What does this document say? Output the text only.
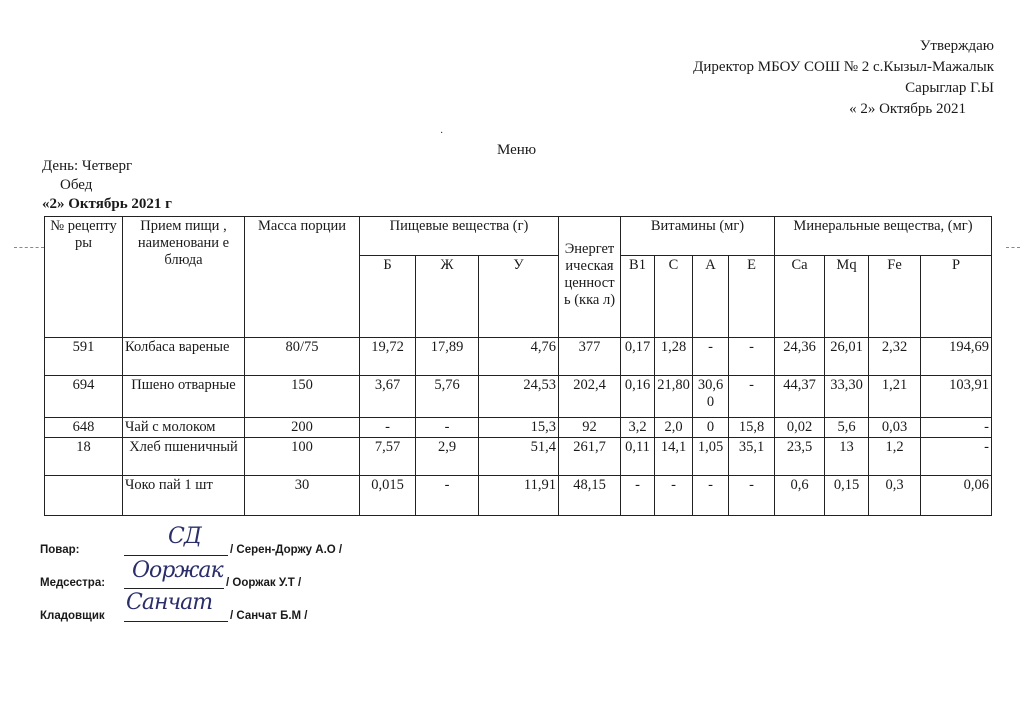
Утверждаю
Директор МБОУ СОШ № 2 с.Кызыл-Мажалык
Сарыглар Г.Ы
« 2» Октябрь 2021
·
Меню
День: Четверг
Обед
«2» Октябрь 2021 г
№ рецепту ры	Прием пищи , наименовани е блюда	Масса порции	Пищевые вещества (г)			Энергет ическая ценност ь (кка л)	Витамины (мг)				Минеральные вещества, (мг)			
			Б	Ж	У		B1	C	A	E	Ca	Mq	Fe	P
591	Колбаса вареные	80/75	19,72	17,89	4,76	377	0,17	1,28	-	-	24,36	26,01	2,32	194,69
694	Пшено отварные	150	3,67	5,76	24,53	202,4	0,16	21,80	30,6 0	-	44,37	33,30	1,21	103,91
648	Чай с молоком	200	-	-	15,3	92	3,2	2,0	0	15,8	0,02	5,6	0,03	-
18	Хлеб пшеничный	100	7,57	2,9	51,4	261,7	0,11	14,1	1,05	35,1	23,5	13	1,2	-
	Чоко пай 1 шт	30	0,015	-	11,91	48,15	-	-	-	-	0,6	0,15	0,3	0,06
Повар:	/ Серен-Доржу А.О /
СД
Медсестра:	/ Ооржак У.Т /
Ооржак
Кладовщик	/ Санчат Б.М /
Санчат
